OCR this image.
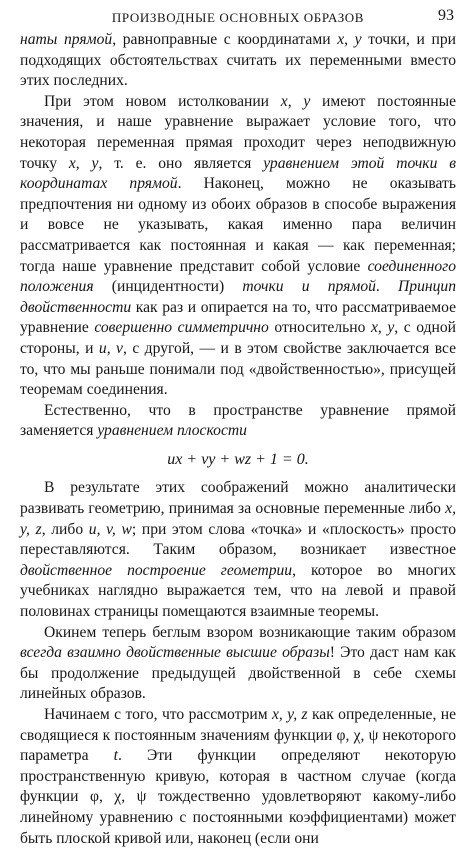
ПРОИЗВОДНЫЕ ОСНОВНЫХ ОБРАЗОВ	93

наты прямой, равноправные с координатами x, y точки, и при подходящих обстоятельствах считать их переменными вместо этих последних.

При этом новом истолковании x, y имеют постоянные значения, и наше уравнение выражает условие того, что некоторая переменная прямая проходит через неподвижную точку x, y, т. е. оно является уравнением этой точки в координатах прямой. Наконец, можно не оказывать предпочтения ни одному из обоих образов в способе выражения и вовсе не указывать, какая именно пара величин рассматривается как постоянная и какая — как переменная; тогда наше уравнение представит собой условие соединенного положения (инцидентности) точки и прямой. Принцип двойственности как раз и опирается на то, что рассматриваемое уравнение совершенно симметрично относительно x, y, с одной стороны, и u, v, с другой, — и в этом свойстве заключается все то, что мы раньше понимали под «двойственностью», присущей теоремам соединения.

Естественно, что в пространстве уравнение прямой заменяется уравнением плоскости

ux + vy + wz + 1 = 0.

В результате этих соображений можно аналитически развивать геометрию, принимая за основные переменные либо x, y, z, либо u, v, w; при этом слова «точка» и «плоскость» просто переставляются. Таким образом, возникает известное двойственное построение геометрии, которое во многих учебниках наглядно выражается тем, что на левой и правой половинах страницы помещаются взаимные теоремы.

Окинем теперь беглым взором возникающие таким образом всегда взаимно двойственные высшие образы! Это даст нам как бы продолжение предыдущей двойственной в себе схемы линейных образов.

Начинаем с того, что рассмотрим x, y, z как определенные, не сводящиеся к постоянным значениям функции φ, χ, ψ некоторого параметра t. Эти функции определяют некоторую пространственную кривую, которая в частном случае (когда функции φ, χ, ψ тождественно удовлетворяют какому-либо линейному уравнению с постоянными коэффициентами) может быть плоской кривой или, наконец (если они
